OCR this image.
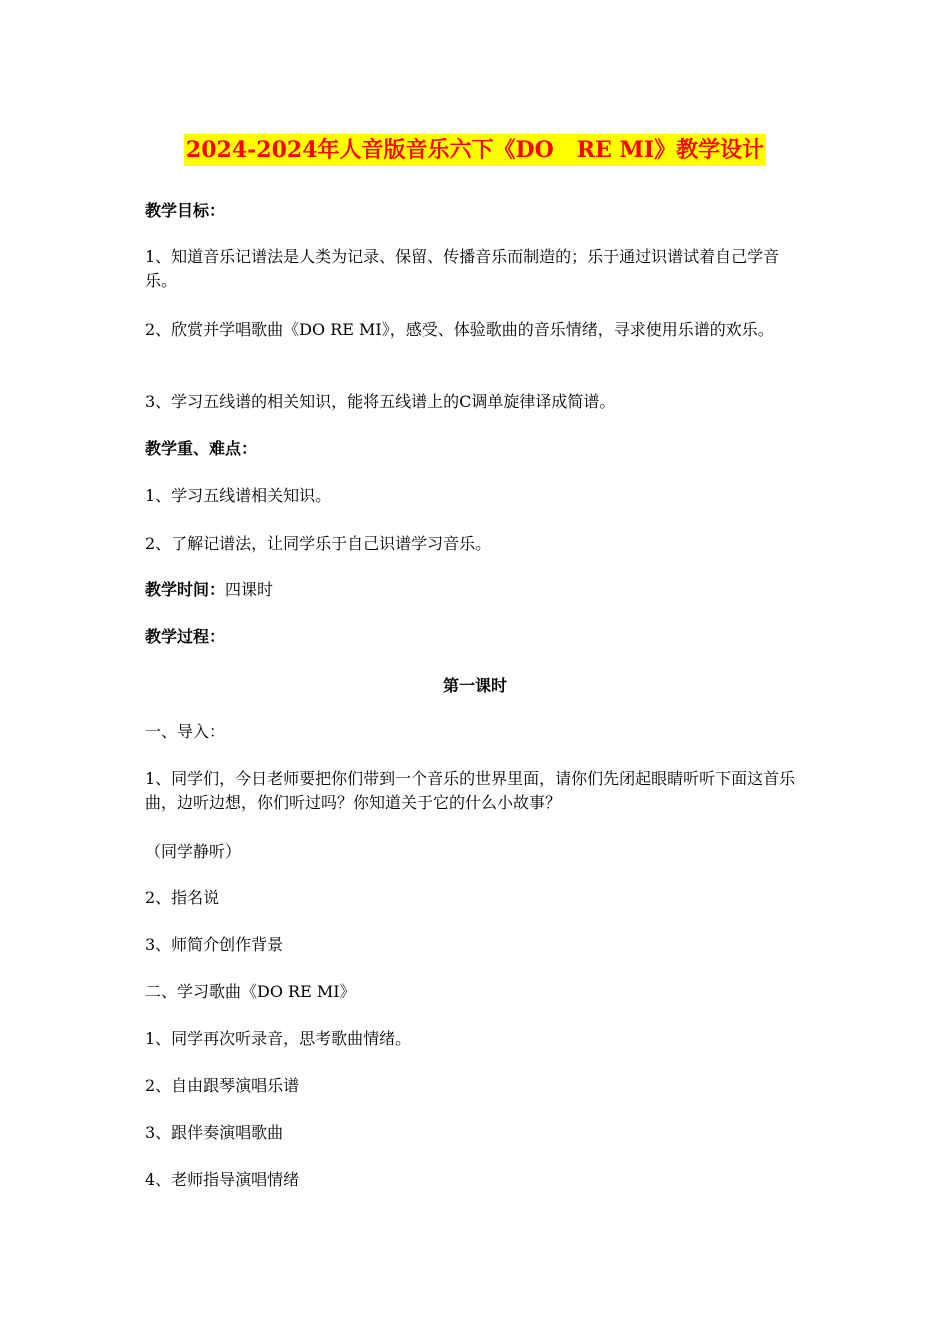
2024-2024年人音版音乐六下《DO   RE MI》教学设计

教学目标：

1、知道音乐记谱法是人类为记录、保留、传播音乐而制造的；乐于通过识谱试着自己学音乐。

2、欣赏并学唱歌曲《DO RE MI》，感受、体验歌曲的音乐情绪，寻求使用乐谱的欢乐。

3、学习五线谱的相关知识，能将五线谱上的C调单旋律译成简谱。

教学重、难点：

1、学习五线谱相关知识。

2、了解记谱法，让同学乐于自己识谱学习音乐。

教学时间：四课时

教学过程：

第一课时

一、导入：

1、同学们，今日老师要把你们带到一个音乐的世界里面，请你们先闭起眼睛听听下面这首乐曲，边听边想，你们听过吗？你知道关于它的什么小故事？

（同学静听）

2、指名说

3、师简介创作背景

二、学习歌曲《DO RE MI》

1、同学再次听录音，思考歌曲情绪。

2、自由跟琴演唱乐谱

3、跟伴奏演唱歌曲

4、老师指导演唱情绪
